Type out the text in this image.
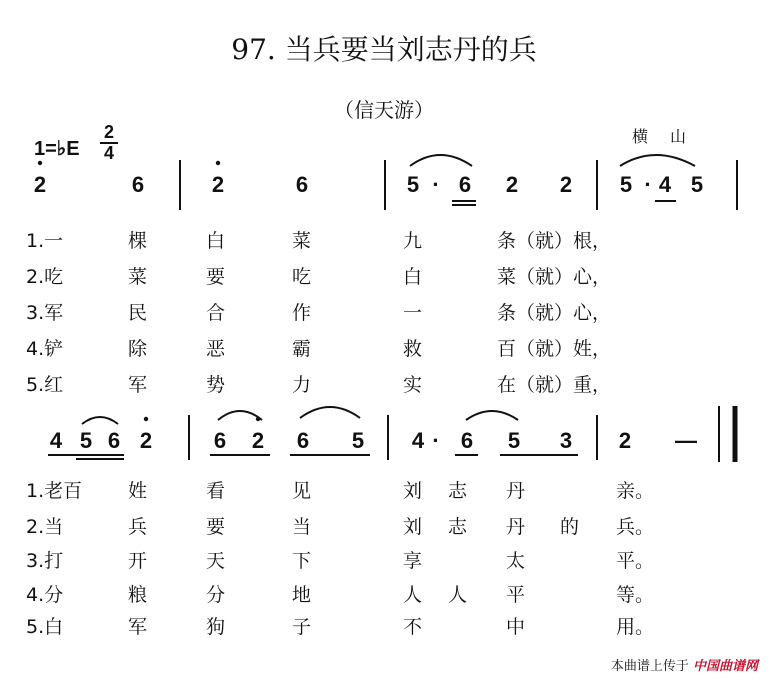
97. 当兵要当刘志丹的兵
（信天游）
1=♭E
2
4
横山
2	6	2	6	5 · 6 2 2 5 · 4 5
1.一	棵	白	菜	九	条（就）根，
2.吃	菜	要	吃	白	菜（就）心，
3.军	民	合	作	一	条（就）心，
4.铲	除	恶	霸	救	百（就）姓，
5.红	军	势	力	实	在（就）重，
4 5 6 2	6 2 6 5 4 · 6 5 3 2 —
1.老百 姓	看	见	刘 志 丹	亲。
2.当	兵	要	当	刘 志 丹 的 兵。
3.打	开	天	下	享	太	平。
4.分	粮	分	地	人 人 平	等。
5.白	军	狗	子	不	中	用。
本曲谱上传于 中国曲谱网
